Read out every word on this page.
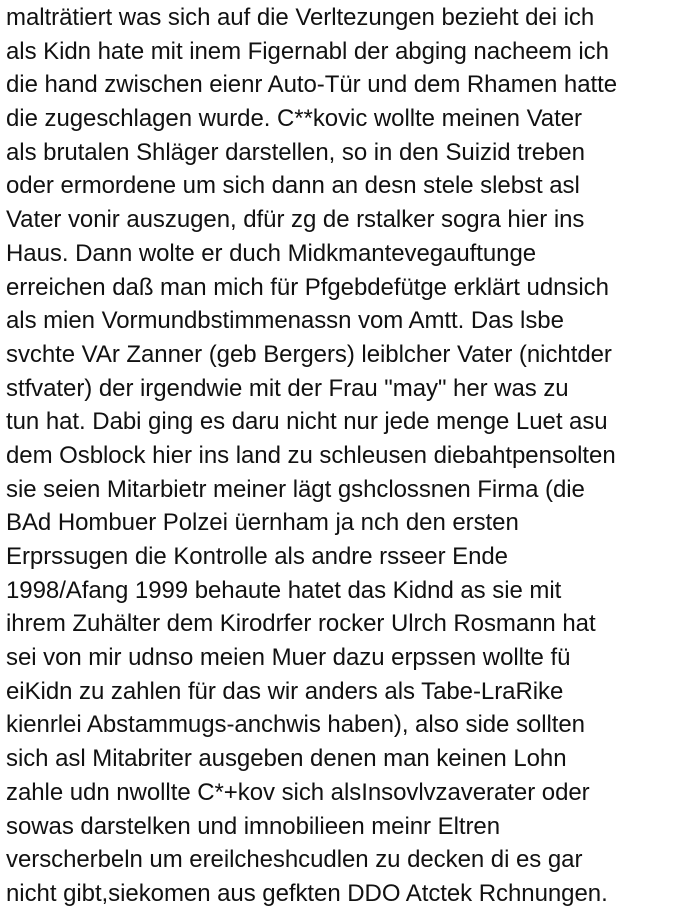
malträtiert was sich auf die Verltezungen bezieht dei ich
als Kidn hate mit inem Figernabl der abging nacheem ich
die hand zwischen eienr Auto-Tür und dem Rhamen hatte
die zugeschlagen wurde. C**kovic wollte meinen Vater
als brutalen Shläger darstellen, so in den Suizid treben
oder ermordene um sich dann an desn stele slebst asl
Vater vonir auszugen, dfür zg de rstalker sogra hier ins
Haus. Dann wolte er duch Midkmantevegauftunge
erreichen daß man mich für Pfgebdefütge erklärt udnsich
als mien Vormundbstimmenassn vom Amtt. Das lsbe
svchte VAr Zanner (geb Bergers) leiblcher Vater (nichtder
stfvater) der irgendwie mit der Frau "may" her was zu
tun hat. Dabi ging es daru nicht nur jede menge Luet asu
dem Osblock hier ins land zu schleusen diebahtpensolten
sie seien Mitarbietr meiner lägt gshclossnen Firma (die
BAd Hombuer Polzei üernham ja nch den ersten
Erprssugen die Kontrolle als andre rsseer Ende
1998/Afang 1999 behaute hatet das Kidnd as sie mit
ihrem Zuhälter dem Kirodrfer rocker Ulrch Rosmann hat
sei von mir udnso meien Muer dazu erpssen wollte fü
eiKidn zu zahlen für das wir anders als Tabe-LraRike
kienrlei Abstammugs-anchwis haben), also side sollten
sich asl Mitabriter ausgeben denen man keinen Lohn
zahle udn nwollte C*+kov sich alsInsovlvzaverater oder
sowas darstelken und imnobilieen meinr Eltren
verscherbeln um ereilcheshcudlen zu decken di es gar
nicht gibt,siekomen aus gefkten DDO Atctek Rchnungen.
